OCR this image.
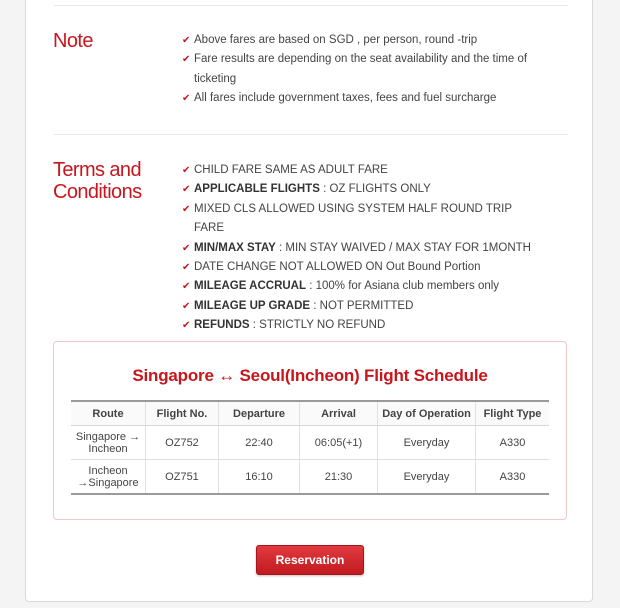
Note	✔ Above fares are based on SGD , per person, round -trip
✔ Fare results are depending on the seat availability and the time of ticketing
✔ All fares include government taxes, fees and fuel surcharge
Terms and
Conditions
✔ CHILD FARE SAME AS ADULT FARE
✔ APPLICABLE FLIGHTS : OZ FLIGHTS ONLY
✔ MIXED CLS ALLOWED USING SYSTEM HALF ROUND TRIP FARE
✔ MIN/MAX STAY : MIN STAY WAIVED / MAX STAY FOR 1MONTH
✔ DATE CHANGE NOT ALLOWED ON Out Bound Portion
✔ MILEAGE ACCRUAL : 100% for Asiana club members only
✔ MILEAGE UP GRADE : NOT PERMITTED
✔ REFUNDS : STRICTLY NO REFUND
Singapore ↔ Seoul(Incheon) Flight Schedule
Route	Flight No.	Departure	Arrival	Day of Operation	Flight Type
Singapore →
Incheon	OZ752	22:40	06:05(+1)	Everyday	A330
Incheon
→Singapore	OZ751	16:10	21:30	Everyday	A330
Reservation
